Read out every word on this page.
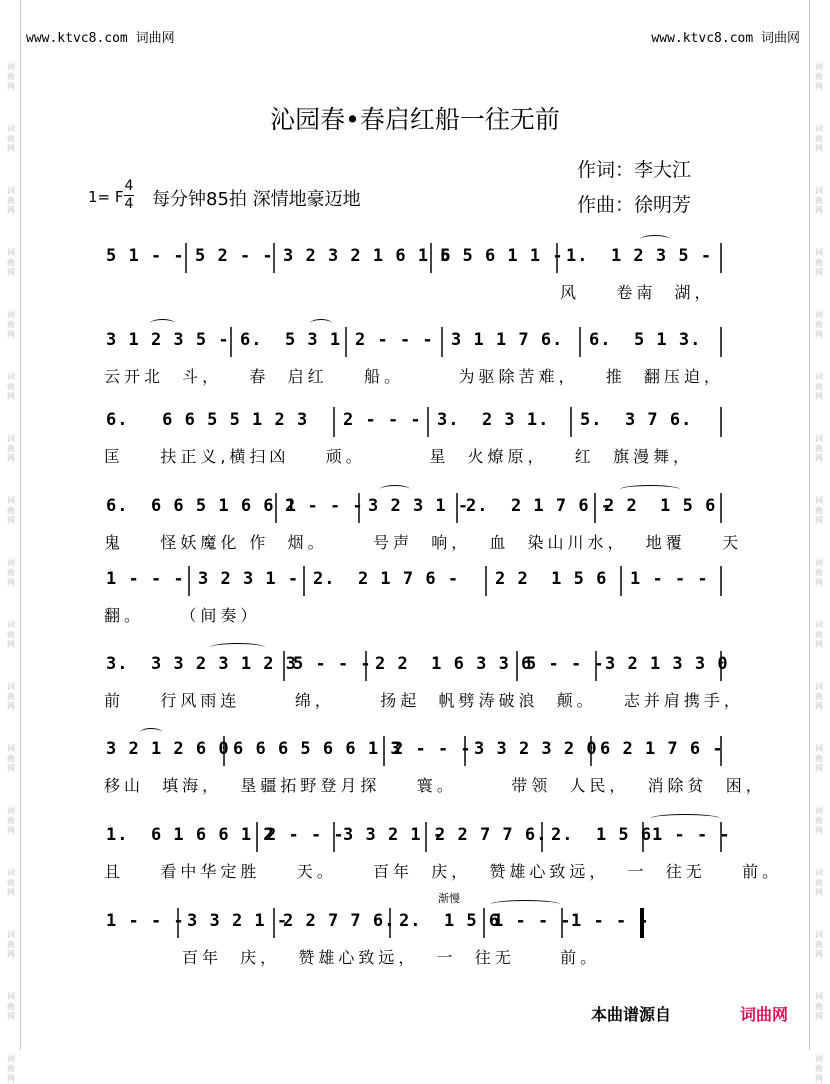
词
曲
网
词
曲
网
词
曲
网
词
曲
网
词
曲
网
词
曲
网
词
曲
网
词
曲
网
词
曲
网
词
曲
网
词
曲
网
词
曲
网
词
曲
网
词
曲
网
词
曲
网
词
曲
网
词
曲
网
词
曲
网
词
曲
网
词
曲
网
词
曲
网
词
曲
网
词
曲
网
词
曲
网
词
曲
网
词
曲
网
词
曲
网
词
曲
网
词
曲
网
词
曲
网
词
曲
网
词
曲
网
词
曲
网
词
曲
网
www.ktvc8.com 词曲网	www.ktvc8.com 词曲网
沁园春•春启红船一往无前
作词：李大江
作曲：徐明芳
1= F
4
4 每分钟85拍 深情地豪迈地
5 1 - - 5 2 - - 3 2 3 2 1 6 1 6
5 5 6 1 1 - 1.  1 2 3 5 -
风    卷南  湖，
3 1 2 3 5 - 6.  5 3 1 2 - - - 3 1 1 7 6. 6.  5 1 3.
云开北  斗，   春  启红    船。      为驱除苦难，   推  翻压迫，
6.   6 6 5 5 1 2 3 2 - - - 3.  2 3 1. 5.  3 7 6.
匡    扶正义,横扫凶    顽。       星  火燎原，   红  旗漫舞，
6.  6 6 5 1 6 6 1
2 - - - 3 2 3 1 -
2.  2 1 7 6 -
2 2  1 5 6
鬼    怪妖魔化 作  烟。     号声  响，  血  染山川水，  地覆    天
1 - - - 3 2 3 1 - 2.  2 1 7 6 - 2 2  1 5 6 1 - - -
翻。    （间奏）
3.  3 3 2 3 1 2 3
5 - - - 2 2  1 6 3 3 6
5 - - - 3 2 1 3 3 0
前    行风雨连      绵，     扬起  帆劈涛破浪  颠。   志并肩携手，
3 2 1 2 6 0 6 6 6 5 6 6 1 3
2 - - - 3 3 2 3 2 0 6 2 1 7 6 -
移山  填海，  垦疆拓野登月探    寰。      带领  人民，  消除贫  困，
1.  6 1 6 6 1 2
2 - - -
3 3 2 1 -
2 2 7 7 6. 2.  1 5 6 1 - - -
且    看中华定胜    天。    百年  庆，  赞雄心致远，  一  往无    前。
1 - - - 3 3 2 1 -
2 2 7 7 6. 2.  1 5 6
1 - - - 1 - - -
百年  庆，  赞雄心致远，  一  往无     前。
渐慢
本曲谱源自	词曲网
